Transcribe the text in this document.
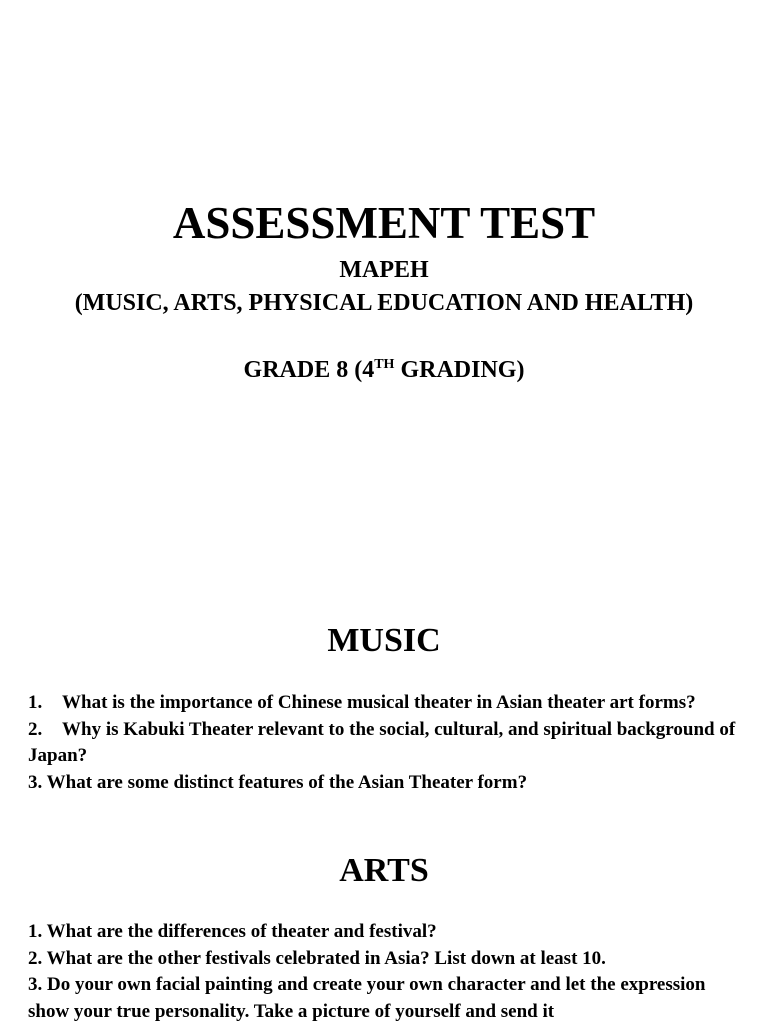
ASSESSMENT TEST
MAPEH
(MUSIC, ARTS, PHYSICAL EDUCATION AND HEALTH)
GRADE 8 (4TH GRADING)
MUSIC
1. What is the importance of Chinese musical theater in Asian theater art forms?
2. Why is Kabuki Theater relevant to the social, cultural, and spiritual background of Japan?
3. What are some distinct features of the Asian Theater form?
ARTS
1. What are the differences of theater and festival?
2. What are the other festivals celebrated in Asia? List down at least 10.
3. Do your own facial painting and create your own character and let the expression show your true personality. Take a picture of yourself and send it
